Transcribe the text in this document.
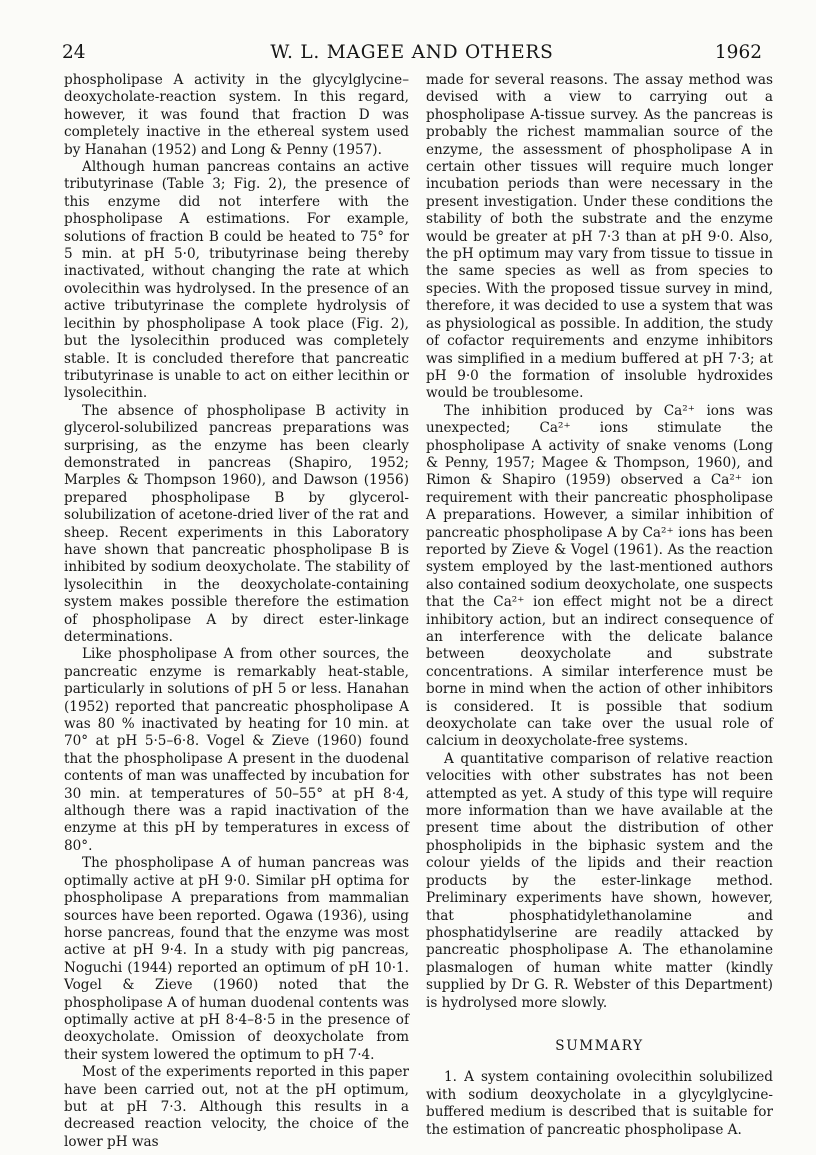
24	W. L. MAGEE AND OTHERS	1962

phospholipase A activity in the glycylglycine–deoxycholate-reaction system. In this regard, however, it was found that fraction D was completely inactive in the ethereal system used by Hanahan (1952) and Long & Penny (1957).

Although human pancreas contains an active tributyrinase (Table 3; Fig. 2), the presence of this enzyme did not interfere with the phospholipase A estimations. For example, solutions of fraction B could be heated to 75° for 5 min. at pH 5·0, tributyrinase being thereby inactivated, without changing the rate at which ovolecithin was hydrolysed. In the presence of an active tributyrinase the complete hydrolysis of lecithin by phospholipase A took place (Fig. 2), but the lysolecithin produced was completely stable. It is concluded therefore that pancreatic tributyrinase is unable to act on either lecithin or lysolecithin.

The absence of phospholipase B activity in glycerol-solubilized pancreas preparations was surprising, as the enzyme has been clearly demonstrated in pancreas (Shapiro, 1952; Marples & Thompson 1960), and Dawson (1956) prepared phospholipase B by glycerol-solubilization of acetone-dried liver of the rat and sheep. Recent experiments in this Laboratory have shown that pancreatic phospholipase B is inhibited by sodium deoxycholate. The stability of lysolecithin in the deoxycholate-containing system makes possible therefore the estimation of phospholipase A by direct ester-linkage determinations.

Like phospholipase A from other sources, the pancreatic enzyme is remarkably heat-stable, particularly in solutions of pH 5 or less. Hanahan (1952) reported that pancreatic phospholipase A was 80 % inactivated by heating for 10 min. at 70° at pH 5·5–6·8. Vogel & Zieve (1960) found that the phospholipase A present in the duodenal contents of man was unaffected by incubation for 30 min. at temperatures of 50–55° at pH 8·4, although there was a rapid inactivation of the enzyme at this pH by temperatures in excess of 80°.

The phospholipase A of human pancreas was optimally active at pH 9·0. Similar pH optima for phospholipase A preparations from mammalian sources have been reported. Ogawa (1936), using horse pancreas, found that the enzyme was most active at pH 9·4. In a study with pig pancreas, Noguchi (1944) reported an optimum of pH 10·1. Vogel & Zieve (1960) noted that the phospholipase A of human duodenal contents was optimally active at pH 8·4–8·5 in the presence of deoxycholate. Omission of deoxycholate from their system lowered the optimum to pH 7·4.

Most of the experiments reported in this paper have been carried out, not at the pH optimum, but at pH 7·3. Although this results in a decreased reaction velocity, the choice of the lower pH was

made for several reasons. The assay method was devised with a view to carrying out a phospholipase A-tissue survey. As the pancreas is probably the richest mammalian source of the enzyme, the assessment of phospholipase A in certain other tissues will require much longer incubation periods than were necessary in the present investigation. Under these conditions the stability of both the substrate and the enzyme would be greater at pH 7·3 than at pH 9·0. Also, the pH optimum may vary from tissue to tissue in the same species as well as from species to species. With the proposed tissue survey in mind, therefore, it was decided to use a system that was as physiological as possible. In addition, the study of cofactor requirements and enzyme inhibitors was simplified in a medium buffered at pH 7·3; at pH 9·0 the formation of insoluble hydroxides would be troublesome.

The inhibition produced by Ca²⁺ ions was unexpected; Ca²⁺ ions stimulate the phospholipase A activity of snake venoms (Long & Penny, 1957; Magee & Thompson, 1960), and Rimon & Shapiro (1959) observed a Ca²⁺ ion requirement with their pancreatic phospholipase A preparations. However, a similar inhibition of pancreatic phospholipase A by Ca²⁺ ions has been reported by Zieve & Vogel (1961). As the reaction system employed by the last-mentioned authors also contained sodium deoxycholate, one suspects that the Ca²⁺ ion effect might not be a direct inhibitory action, but an indirect consequence of an interference with the delicate balance between deoxycholate and substrate concentrations. A similar interference must be borne in mind when the action of other inhibitors is considered. It is possible that sodium deoxycholate can take over the usual role of calcium in deoxycholate-free systems.

A quantitative comparison of relative reaction velocities with other substrates has not been attempted as yet. A study of this type will require more information than we have available at the present time about the distribution of other phospholipids in the biphasic system and the colour yields of the lipids and their reaction products by the ester-linkage method. Preliminary experiments have shown, however, that phosphatidylethanolamine and phosphatidylserine are readily attacked by pancreatic phospholipase A. The ethanolamine plasmalogen of human white matter (kindly supplied by Dr G. R. Webster of this Department) is hydrolysed more slowly.

SUMMARY

1. A system containing ovolecithin solubilized with sodium deoxycholate in a glycylglycine-buffered medium is described that is suitable for the estimation of pancreatic phospholipase A.
